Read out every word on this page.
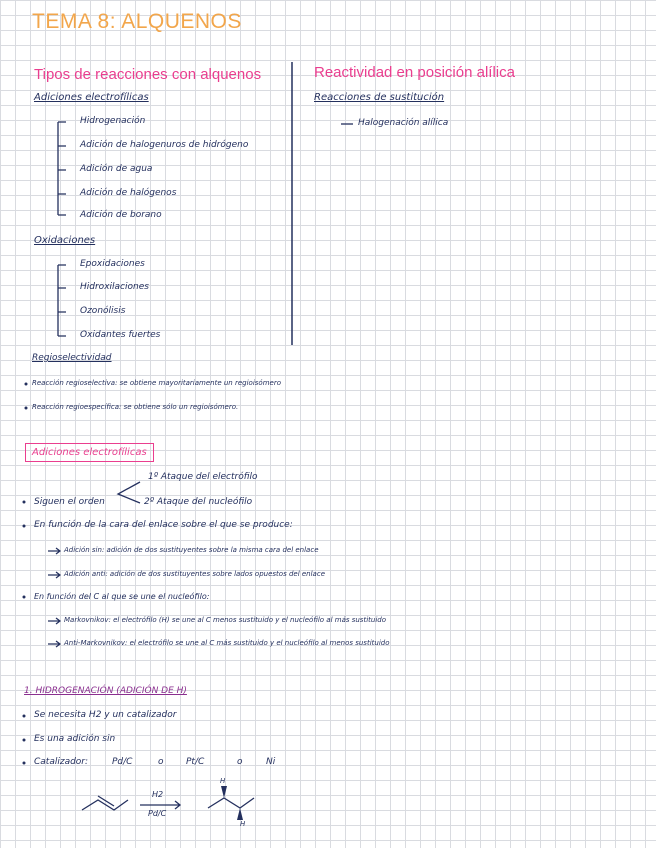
TEMA 8: ALQUENOS
Tipos de reacciones con alquenos
Adiciones electrofílicas
Hidrogenación
Adición de halogenuros de hidrógeno
Adición de agua
Adición de halógenos
Adición de borano
Oxidaciones
Epoxidaciones
Hidroxilaciones
Ozonólisis
Oxidantes fuertes
Reactividad en posición alílica
Reacciones de sustitución
Halogenación alílica
Regioselectividad
Reacción regioselectiva: se obtiene mayoritariamente un regioisómero
Reacción regioespecífica: se obtiene sólo un regioisómero.
Adiciones electrofílicas
1º Ataque del electrófilo
Siguen el orden	2º Ataque del nucleófilo
En función de la cara del enlace sobre el que se produce:
Adición sin: adición de dos sustituyentes sobre la misma cara del enlace
Adición anti: adición de dos sustituyentes sobre lados opuestos del enlace
En función del C al que se une el nucleófilo:
Markovnikov: el electrófilo (H) se une al C menos sustituido y el nucleófilo al más sustituido
Anti-Markovnikov: el electrófilo se une al C más sustituido y el nucleófilo al menos sustituido
1. HIDROGENACIÓN (ADICIÓN DE H)
Se necesita H2 y un catalizador
Es una adición sin
Catalizador:	Pd/C	o Pt/C	o	Ni
H2
Pd/C
H
H
